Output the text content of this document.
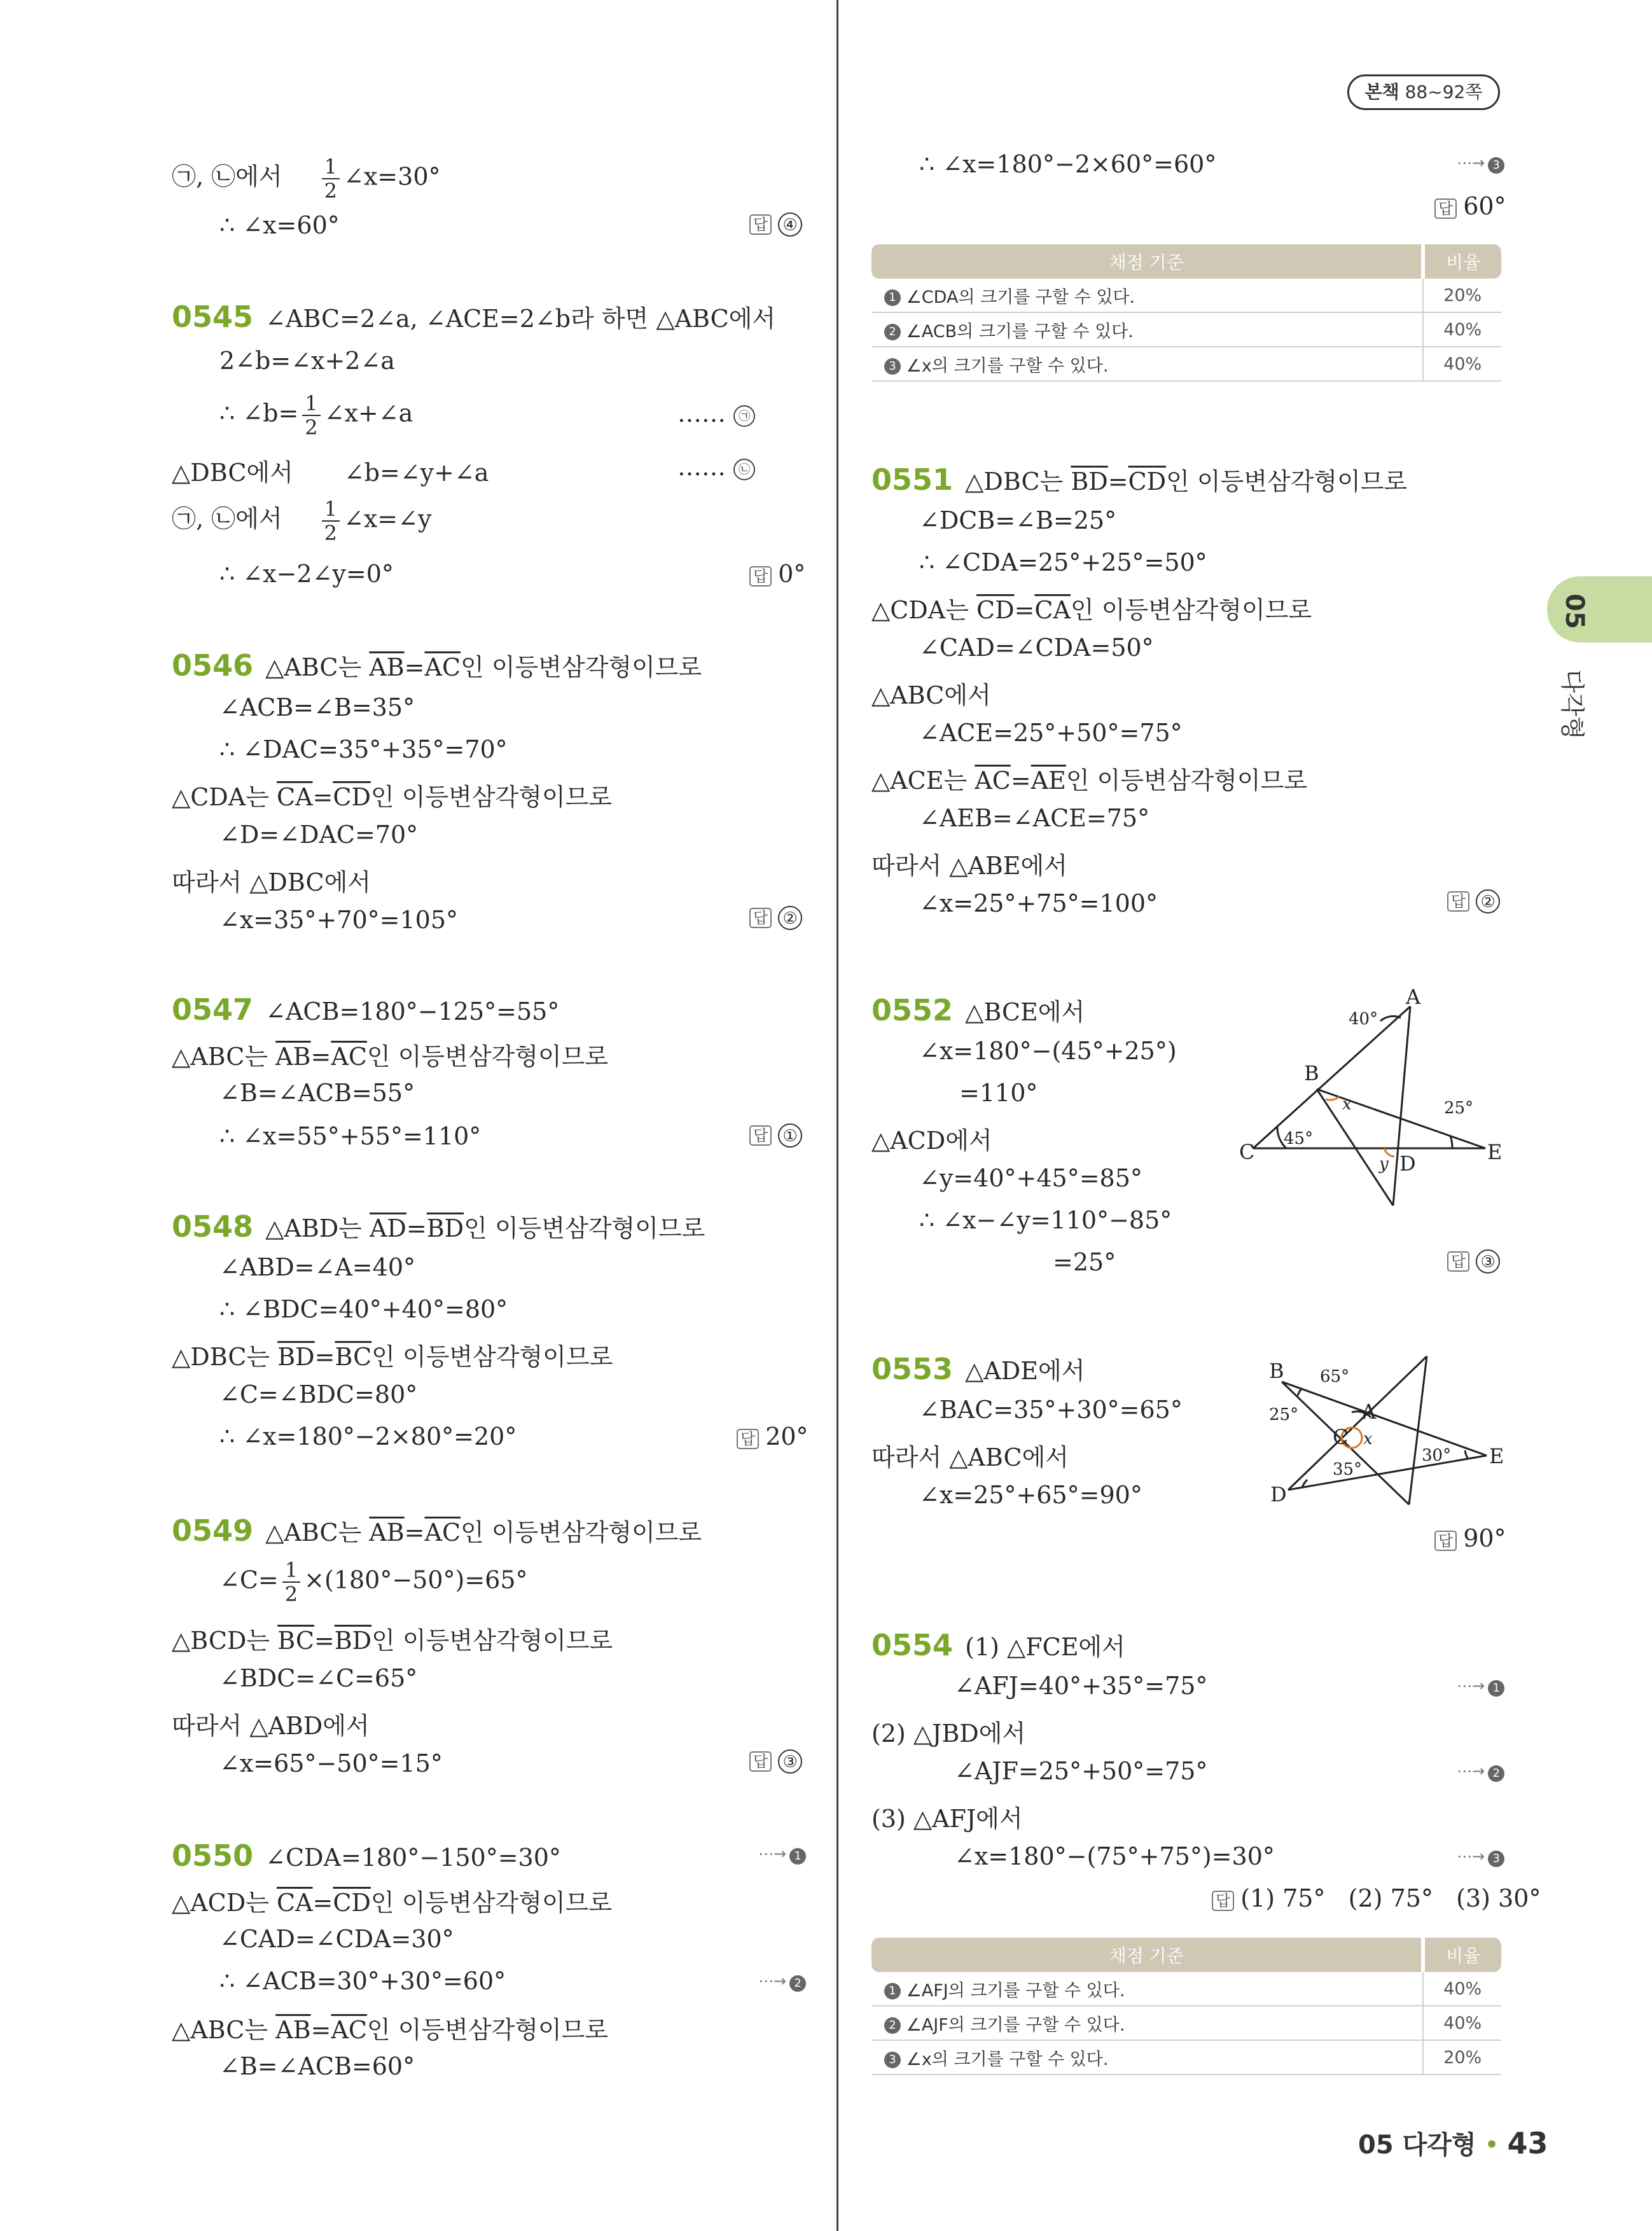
본책 88~92쪽
05
다각형
㉠, ㉡에서 $\frac{1}{2}$ ∠x=30°
∴ ∠x=60°	답 ④
0545 ∠ABC=2∠a, ∠ACE=2∠b라 하면 △ABC에서
2∠b=∠x+2∠a
∴ ∠b= $\frac{1}{2}$ ∠x+∠a	…… ㉠
△DBC에서 ∠b=∠y+∠a	…… ㉡
㉠, ㉡에서 $\frac{1}{2}$ ∠x=∠y
∴ ∠x−2∠y=0°	답 0°
0546 △ABC는 $\overline{AB}=\overline{AC}$인 이등변삼각형이므로
∠ACB=∠B=35°
∴ ∠DAC=35°+35°=70°
△CDA는 $\overline{CA}=\overline{CD}$인 이등변삼각형이므로
∠D=∠DAC=70°
따라서 △DBC에서
∠x=35°+70°=105°	답 ②
0547 ∠ACB=180°−125°=55°
△ABC는 $\overline{AB}=\overline{AC}$인 이등변삼각형이므로
∠B=∠ACB=55°
∴ ∠x=55°+55°=110°	답 ①
0548 △ABD는 $\overline{AD}=\overline{BD}$인 이등변삼각형이므로
∠ABD=∠A=40°
∴ ∠BDC=40°+40°=80°
△DBC는 $\overline{BD}=\overline{BC}$인 이등변삼각형이므로
∠C=∠BDC=80°
∴ ∠x=180°−2×80°=20°	답 20°
0549 △ABC는 $\overline{AB}=\overline{AC}$인 이등변삼각형이므로
∠C= $\frac{1}{2} \times(180^\circ-50^\circ)=65^\circ$
△BCD는 $\overline{BC}=\overline{BD}$인 이등변삼각형이므로
∠BDC=∠C=65°
따라서 △ABD에서
∠x=65°−50°=15°	답 ③
0550 ∠CDA=180°−150°=30°	⋯→ 1
△ACD는 $\overline{CA}=\overline{CD}$인 이등변삼각형이므로
∠CAD=∠CDA=30°
∴ ∠ACB=30°+30°=60°	⋯→ 2
△ABC는 $\overline{AB}=\overline{AC}$인 이등변삼각형이므로
∠B=∠ACB=60°
∴ ∠x=180°−2×60°=60°	⋯→ 3
답 60°
채점 기준	비율
1 ∠CDA의 크기를 구할 수 있다.	20%
2 ∠ACB의 크기를 구할 수 있다.	40%
3 ∠x의 크기를 구할 수 있다.	40%
0551 △DBC는 $\overline{BD}=\overline{CD}$인 이등변삼각형이므로
∠DCB=∠B=25°
∴ ∠CDA=25°+25°=50°
△CDA는 $\overline{CD}=\overline{CA}$인 이등변삼각형이므로
∠CAD=∠CDA=50°
△ABC에서
∠ACE=25°+50°=75°
△ACE는 $\overline{AC}=\overline{AE}$인 이등변삼각형이므로
∠AEB=∠ACE=75°
따라서 △ABE에서
∠x=25°+75°=100°	답 ②
0552 △BCE에서
∠x=180°−(45°+25°)
=110°
△ACD에서
∠y=40°+45°=85°
∴ ∠x−∠y=110°−85°
=25°	답 ③
A
B
C	D	E
40°
45°
25°
x
y
0553 △ADE에서
∠BAC=35°+30°=65°
따라서 △ABC에서
∠x=25°+65°=90°
답 90°
B
A
C
D
E
65°
25°
35°
30°
x
0554 (1) △FCE에서
∠AFJ=40°+35°=75°	⋯→ 1
(2) △JBD에서
∠AJF=25°+50°=75°	⋯→ 2
(3) △AFJ에서
∠x=180°−(75°+75°)=30°	⋯→ 3
답 (1) 75°   (2) 75°   (3) 30°
채점 기준	비율
1 ∠AFJ의 크기를 구할 수 있다.	40%
2 ∠AJF의 크기를 구할 수 있다.	40%
3 ∠x의 크기를 구할 수 있다.	20%
05 다각형 • 43
